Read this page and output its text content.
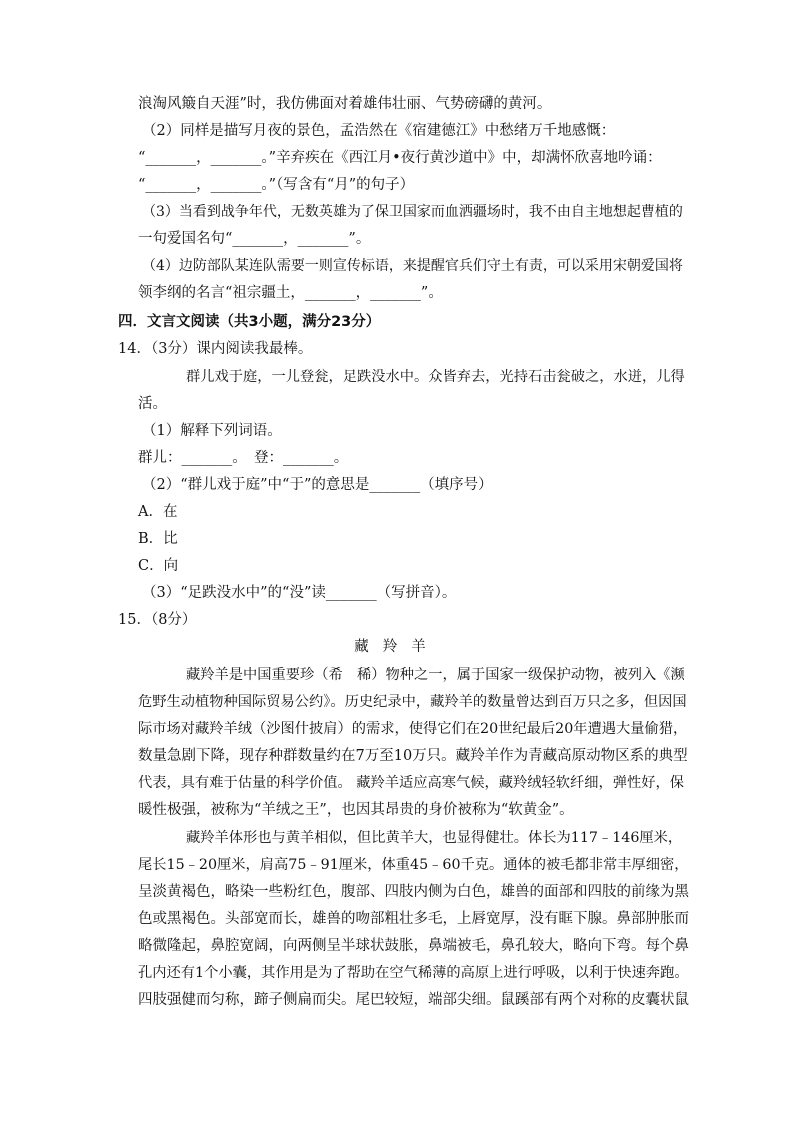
浪淘风簸自天涯”时，我仿佛面对着雄伟壮丽、气势磅礴的黄河。
（2）同样是描写月夜的景色，孟浩然在《宿建德江》中愁绪万千地感慨：
“_______，_______。”辛弃疾在《西江月•夜行黄沙道中》中，却满怀欣喜地吟诵：
“_______，_______。”（写含有“月”的句子）
（3）当看到战争年代，无数英雄为了保卫国家而血洒疆场时，我不由自主地想起曹植的
一句爱国名句“_______，_______”。
（4）边防部队某连队需要一则宣传标语，来提醒官兵们守土有责，可以采用宋朝爱国将
领李纲的名言“祖宗疆土，_______，_______”。
四．文言文阅读（共3小题，满分23分）
14．（3分）课内阅读我最棒。
群儿戏于庭，一儿登瓮，足跌没水中。众皆弃去，光持石击瓮破之，水迸，儿得
活。
（1）解释下列词语。
群儿：_______。　登：_______。
（2）“群儿戏于庭”中“于”的意思是_______（填序号）
A．在
B．比
C．向
（3）“足跌没水中”的“没”读_______（写拼音）。
15．（8分）
藏羚羊
藏羚羊是中国重要珍（希　稀）物种之一，属于国家一级保护动物，被列入《濒
危野生动植物种国际贸易公约》。历史纪录中，藏羚羊的数量曾达到百万只之多，但因国
际市场对藏羚羊绒（沙图什披肩）的需求，使得它们在20世纪最后20年遭遇大量偷猎，
数量急剧下降，现存种群数量约在7万至10万只。藏羚羊作为青藏高原动物区系的典型
代表，具有难于估量的科学价值。 藏羚羊适应高寒气候，藏羚绒轻软纤细，弹性好，保
暖性极强，被称为“羊绒之王”，也因其昂贵的身价被称为“软黄金”。
藏羚羊体形也与黄羊相似，但比黄羊大，也显得健壮。体长为117﹣146厘米，
尾长15﹣20厘米，肩高75﹣91厘米，体重45﹣60千克。通体的被毛都非常丰厚细密，
呈淡黄褐色，略染一些粉红色，腹部、四肢内侧为白色，雄兽的面部和四肢的前缘为黑
色或黑褐色。头部宽而长，雄兽的吻部粗壮多毛，上唇宽厚，没有眶下腺。鼻部肿胀而
略微隆起，鼻腔宽阔，向两侧呈半球状鼓胀，鼻端被毛，鼻孔较大，略向下弯。每个鼻
孔内还有1个小囊，其作用是为了帮助在空气稀薄的高原上进行呼吸，以利于快速奔跑。
四肢强健而匀称，蹄子侧扁而尖。尾巴较短，端部尖细。鼠蹊部有两个对称的皮囊状鼠
